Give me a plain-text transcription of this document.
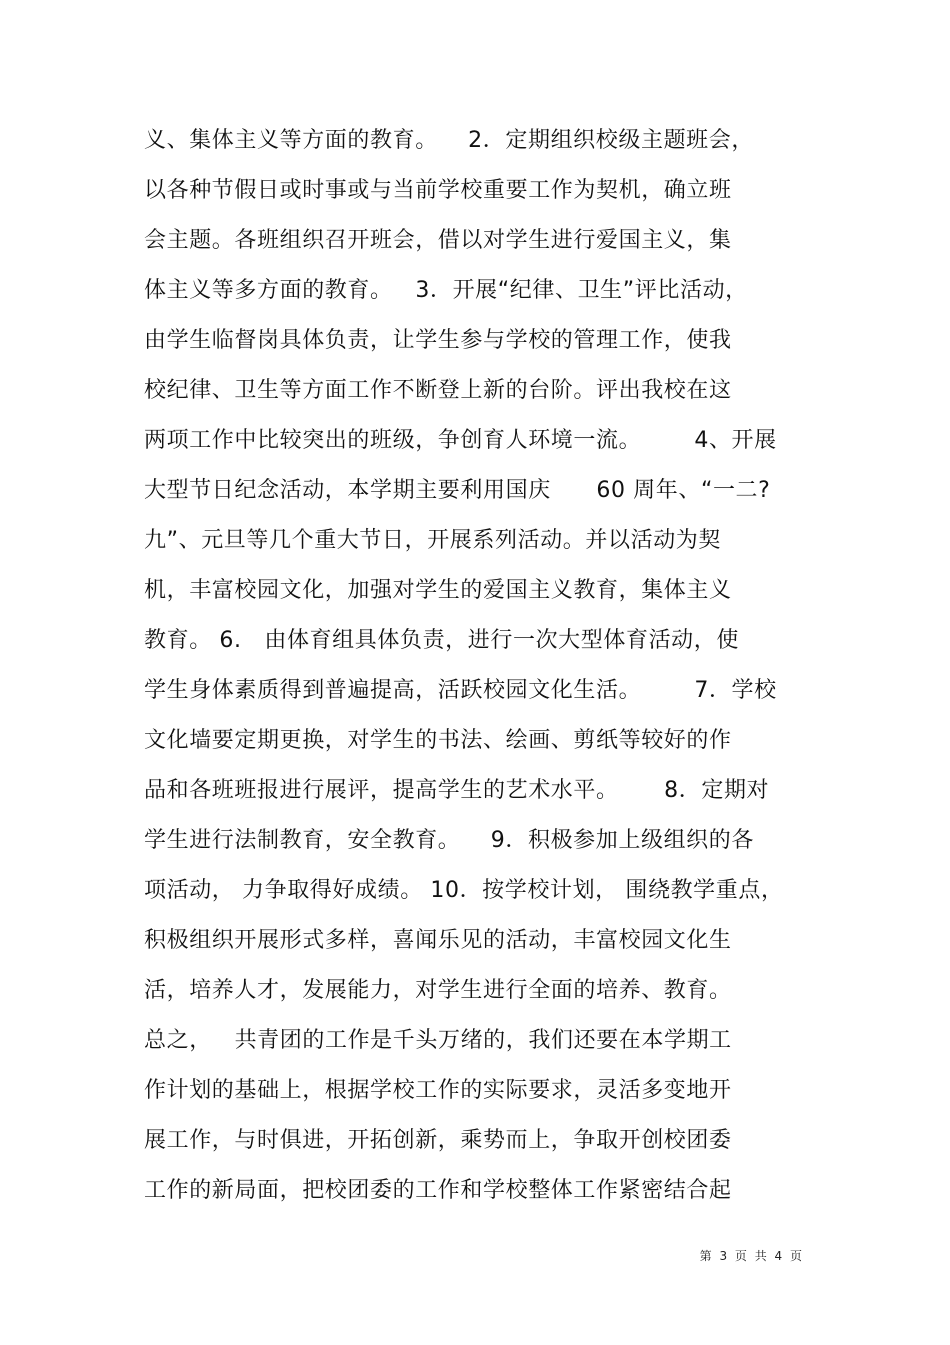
义、集体主义等方面的教育。    2．定期组织校级主题班会，
以各种节假日或时事或与当前学校重要工作为契机，确立班
会主题。各班组织召开班会，借以对学生进行爱国主义，集
体主义等多方面的教育。   3．开展“纪律、卫生”评比活动，
由学生临督岗具体负责，让学生参与学校的管理工作，使我
校纪律、卫生等方面工作不断登上新的台阶。评出我校在这
两项工作中比较突出的班级，争创育人环境一流。       4、开展
大型节日纪念活动，本学期主要利用国庆      60 周年、“一二?
九”、元旦等几个重大节日，开展系列活动。并以活动为契
机，丰富校园文化，加强对学生的爱国主义教育，集体主义
教育。 6.   由体育组具体负责，进行一次大型体育活动，使
学生身体素质得到普遍提高，活跃校园文化生活。       7．学校
文化墙要定期更换，对学生的书法、绘画、剪纸等较好的作
品和各班班报进行展评，提高学生的艺术水平。      8．定期对
学生进行法制教育，安全教育。    9．积极参加上级组织的各
项活动， 力争取得好成绩。 10．按学校计划， 围绕教学重点，
积极组织开展形式多样，喜闻乐见的活动，丰富校园文化生
活，培养人才，发展能力，对学生进行全面的培养、教育。
总之，   共青团的工作是千头万绪的，我们还要在本学期工
作计划的基础上，根据学校工作的实际要求，灵活多变地开
展工作，与时俱进，开拓创新，乘势而上，争取开创校团委
工作的新局面，把校团委的工作和学校整体工作紧密结合起
第 3 页 共 4 页
